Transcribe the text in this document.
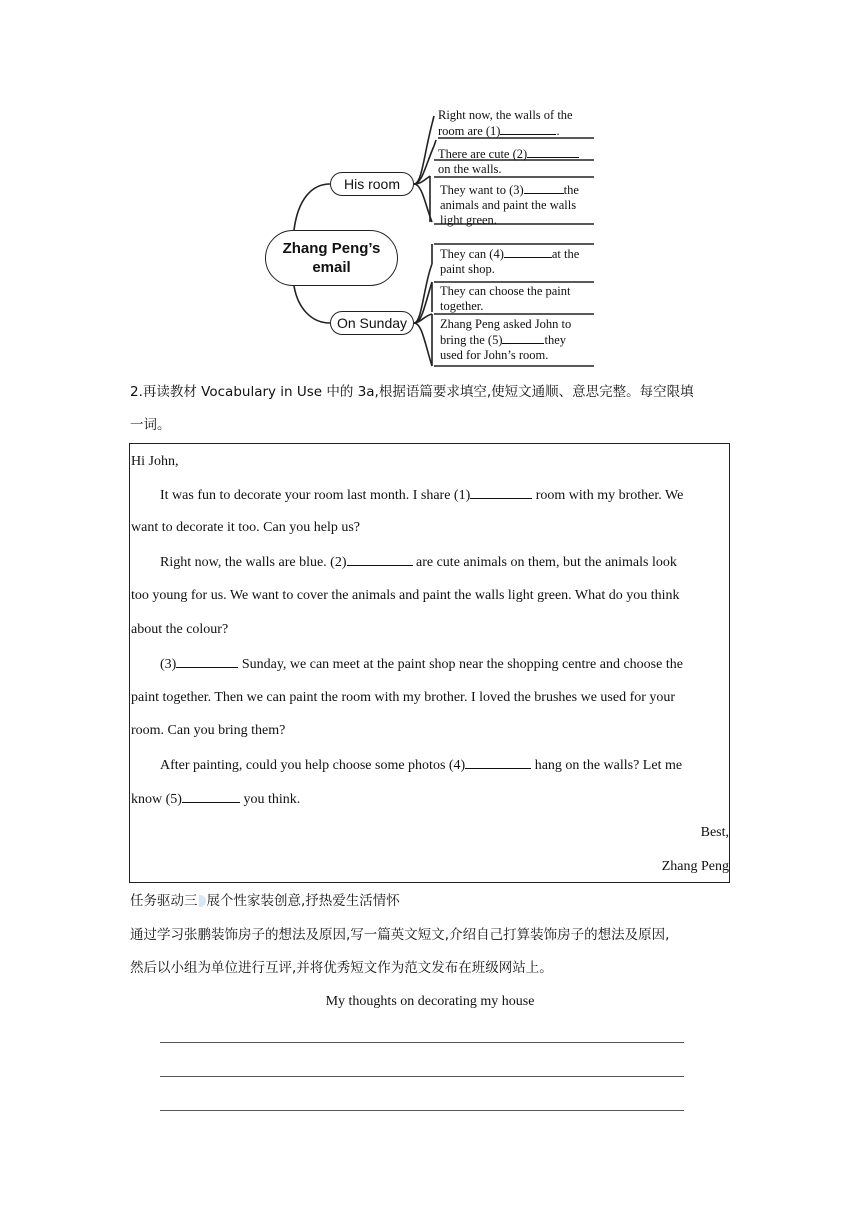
Zhang Peng’s
email
His room
On Sunday
Right now, the walls of the
room are (1)	.
There are cute (2)
on the walls.
They want to (3)	the
animals and paint the walls
light green.
They can (4)	at the
paint shop.
They can choose the paint
together.
Zhang Peng asked John to
bring the (5)	they
used for John’s room.
2.再读教材 Vocabulary in Use 中的 3a,根据语篇要求填空,使短文通顺、意思完整。每空限填
一词。
Hi John,
It was fun to decorate your room last month. I share (1)	room with my brother. We
want to decorate it too. Can you help us?
Right now, the walls are blue. (2)	are cute animals on them, but the animals look
too young for us. We want to cover the animals and paint the walls light green. What do you think
about the colour?
(3)	Sunday, we can meet at the paint shop near the shopping centre and choose the
paint together. Then we can paint the room with my brother. I loved the brushes we used for your
room. Can you bring them?
After painting, could you help choose some photos (4)	hang on the walls? Let me
know (5)	you think.
Best,
Zhang Peng
任务驱动三 展个性家装创意,抒热爱生活情怀
通过学习张鹏装饰房子的想法及原因,写一篇英文短文,介绍自己打算装饰房子的想法及原因,
然后以小组为单位进行互评,并将优秀短文作为范文发布在班级网站上。
My thoughts on decorating my house
